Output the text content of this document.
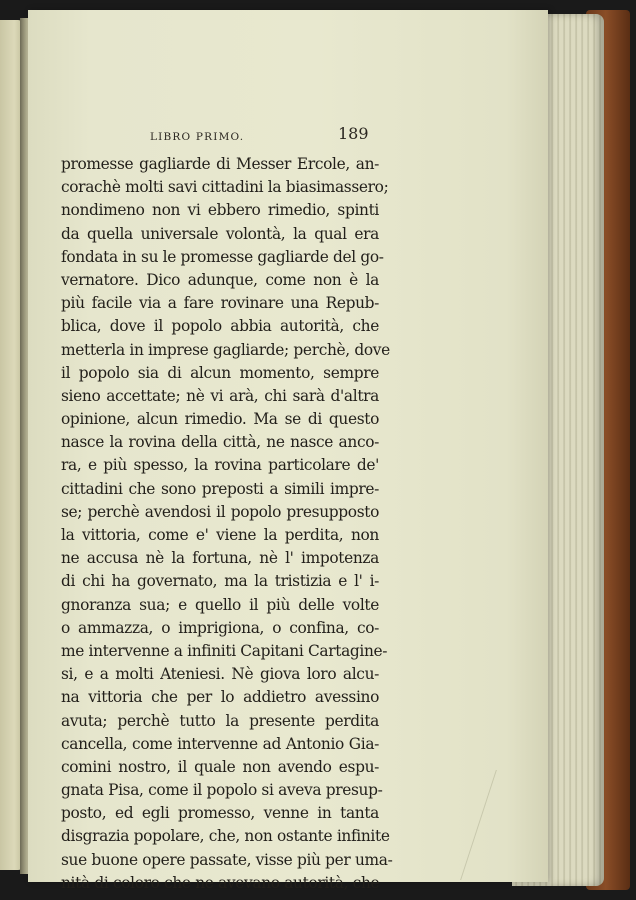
LIBRO PRIMO.	189
promesse gagliarde di Messer Ercole, an-
corachè molti savi cittadini la biasimassero;
nondimeno non vi ebbero rimedio, spinti
da quella universale volontà, la qual era
fondata in su le promesse gagliarde del go-
vernatore. Dico adunque, come non è la
più facile via a fare rovinare una Repub-
blica, dove il popolo abbia autorità, che
metterla in imprese gagliarde; perchè, dove
il popolo sia di alcun momento, sempre
sieno accettate; nè vi arà, chi sarà d'altra
opinione, alcun rimedio. Ma se di questo
nasce la rovina della città, ne nasce anco-
ra, e più spesso, la rovina particolare de'
cittadini che sono preposti a simili impre-
se; perchè avendosi il popolo presupposto
la vittoria, come e' viene la perdita, non
ne accusa nè la fortuna, nè l' impotenza
di chi ha governato, ma la tristizia e l' i-
gnoranza sua; e quello il più delle volte
o ammazza, o imprigiona, o confina, co-
me intervenne a infiniti Capitani Cartagine-
si, e a molti Ateniesi. Nè giova loro alcu-
na vittoria che per lo addietro avessino
avuta; perchè tutto la presente perdita
cancella, come intervenne ad Antonio Gia-
comini nostro, il quale non avendo espu-
gnata Pisa, come il popolo si aveva presup-
posto, ed egli promesso, venne in tanta
disgrazia popolare, che, non ostante infinite
sue buone opere passate, visse più per uma-
nità di coloro che ne avevano autorità, che
